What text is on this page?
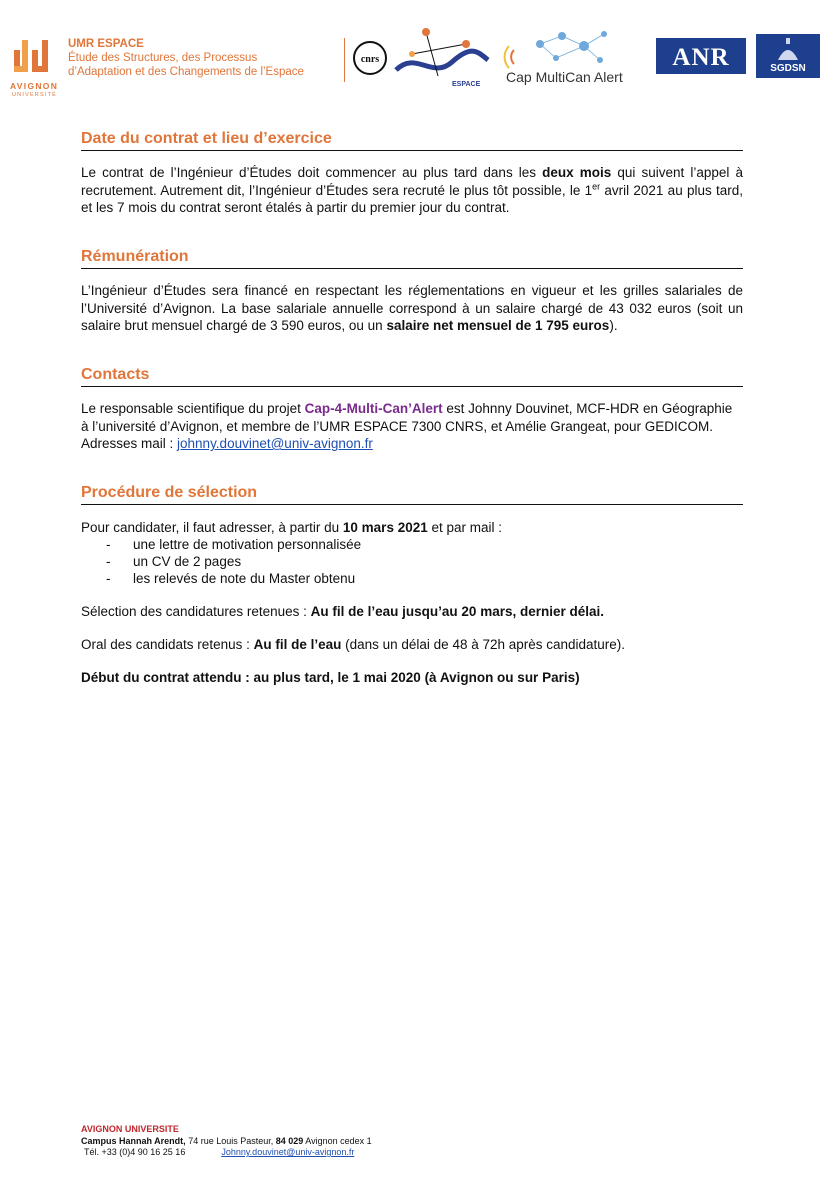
AVIGNON
UNIVERSITÉ
UMR ESPACE
Étude des Structures, des Processus
d’Adaptation et des Changements de l’Espace
cnrs
ESPACE Cap MultiCan Alert
ANR	SGDSN
Date du contrat et lieu d’exercice
Le contrat de l’Ingénieur d’Études doit commencer au plus tard dans les deux mois qui suivent l’appel à recrutement. Autrement dit, l’Ingénieur d’Études sera recruté le plus tôt possible, le 1er avril 2021 au plus tard, et les 7 mois du contrat seront étalés à partir du premier jour du contrat.
Rémunération
L’Ingénieur d’Études sera financé en respectant les réglementations en vigueur et les grilles salariales de l’Université d’Avignon. La base salariale annuelle correspond à un salaire chargé de 43 032 euros (soit un salaire brut mensuel chargé de 3 590 euros, ou un salaire net mensuel de 1 795 euros).
Contacts
Le responsable scientifique du projet Cap-4-Multi-Can’Alert est Johnny Douvinet, MCF-HDR en Géographie à l’université d’Avignon, et membre de l’UMR ESPACE 7300 CNRS, et Amélie Grangeat, pour GEDICOM.
Adresses mail : johnny.douvinet@univ-avignon.fr
Procédure de sélection
Pour candidater, il faut adresser, à partir du 10 mars 2021 et par mail :
- une lettre de motivation personnalisée
- un CV de 2 pages
- les relevés de note du Master obtenu
Sélection des candidatures retenues : Au fil de l’eau jusqu’au 20 mars, dernier délai.
Oral des candidats retenus : Au fil de l’eau (dans un délai de 48 à 72h après candidature).
Début du contrat attendu : au plus tard, le 1 mai 2020 (à Avignon ou sur Paris)
AVIGNON UNIVERSITE
Campus Hannah Arendt, 74 rue Louis Pasteur, 84 029 Avignon cedex 1
Tél. +33 (0)4 90 16 25 16	Johnny.douvinet@univ-avignon.fr
